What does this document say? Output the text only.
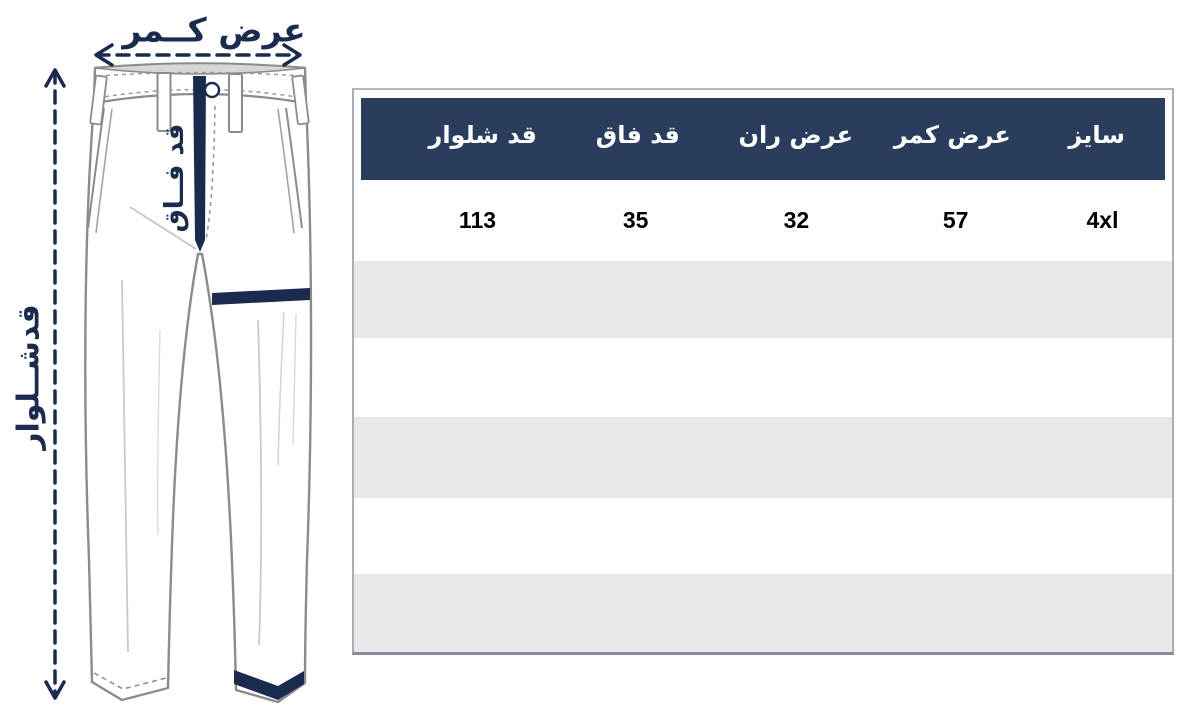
عرض کــمر
قدشــلوار
قد فــاق	سایز
عرض کمر
عرض ران
قد فاق
قد شلوار
4xl
57
32
35
113
